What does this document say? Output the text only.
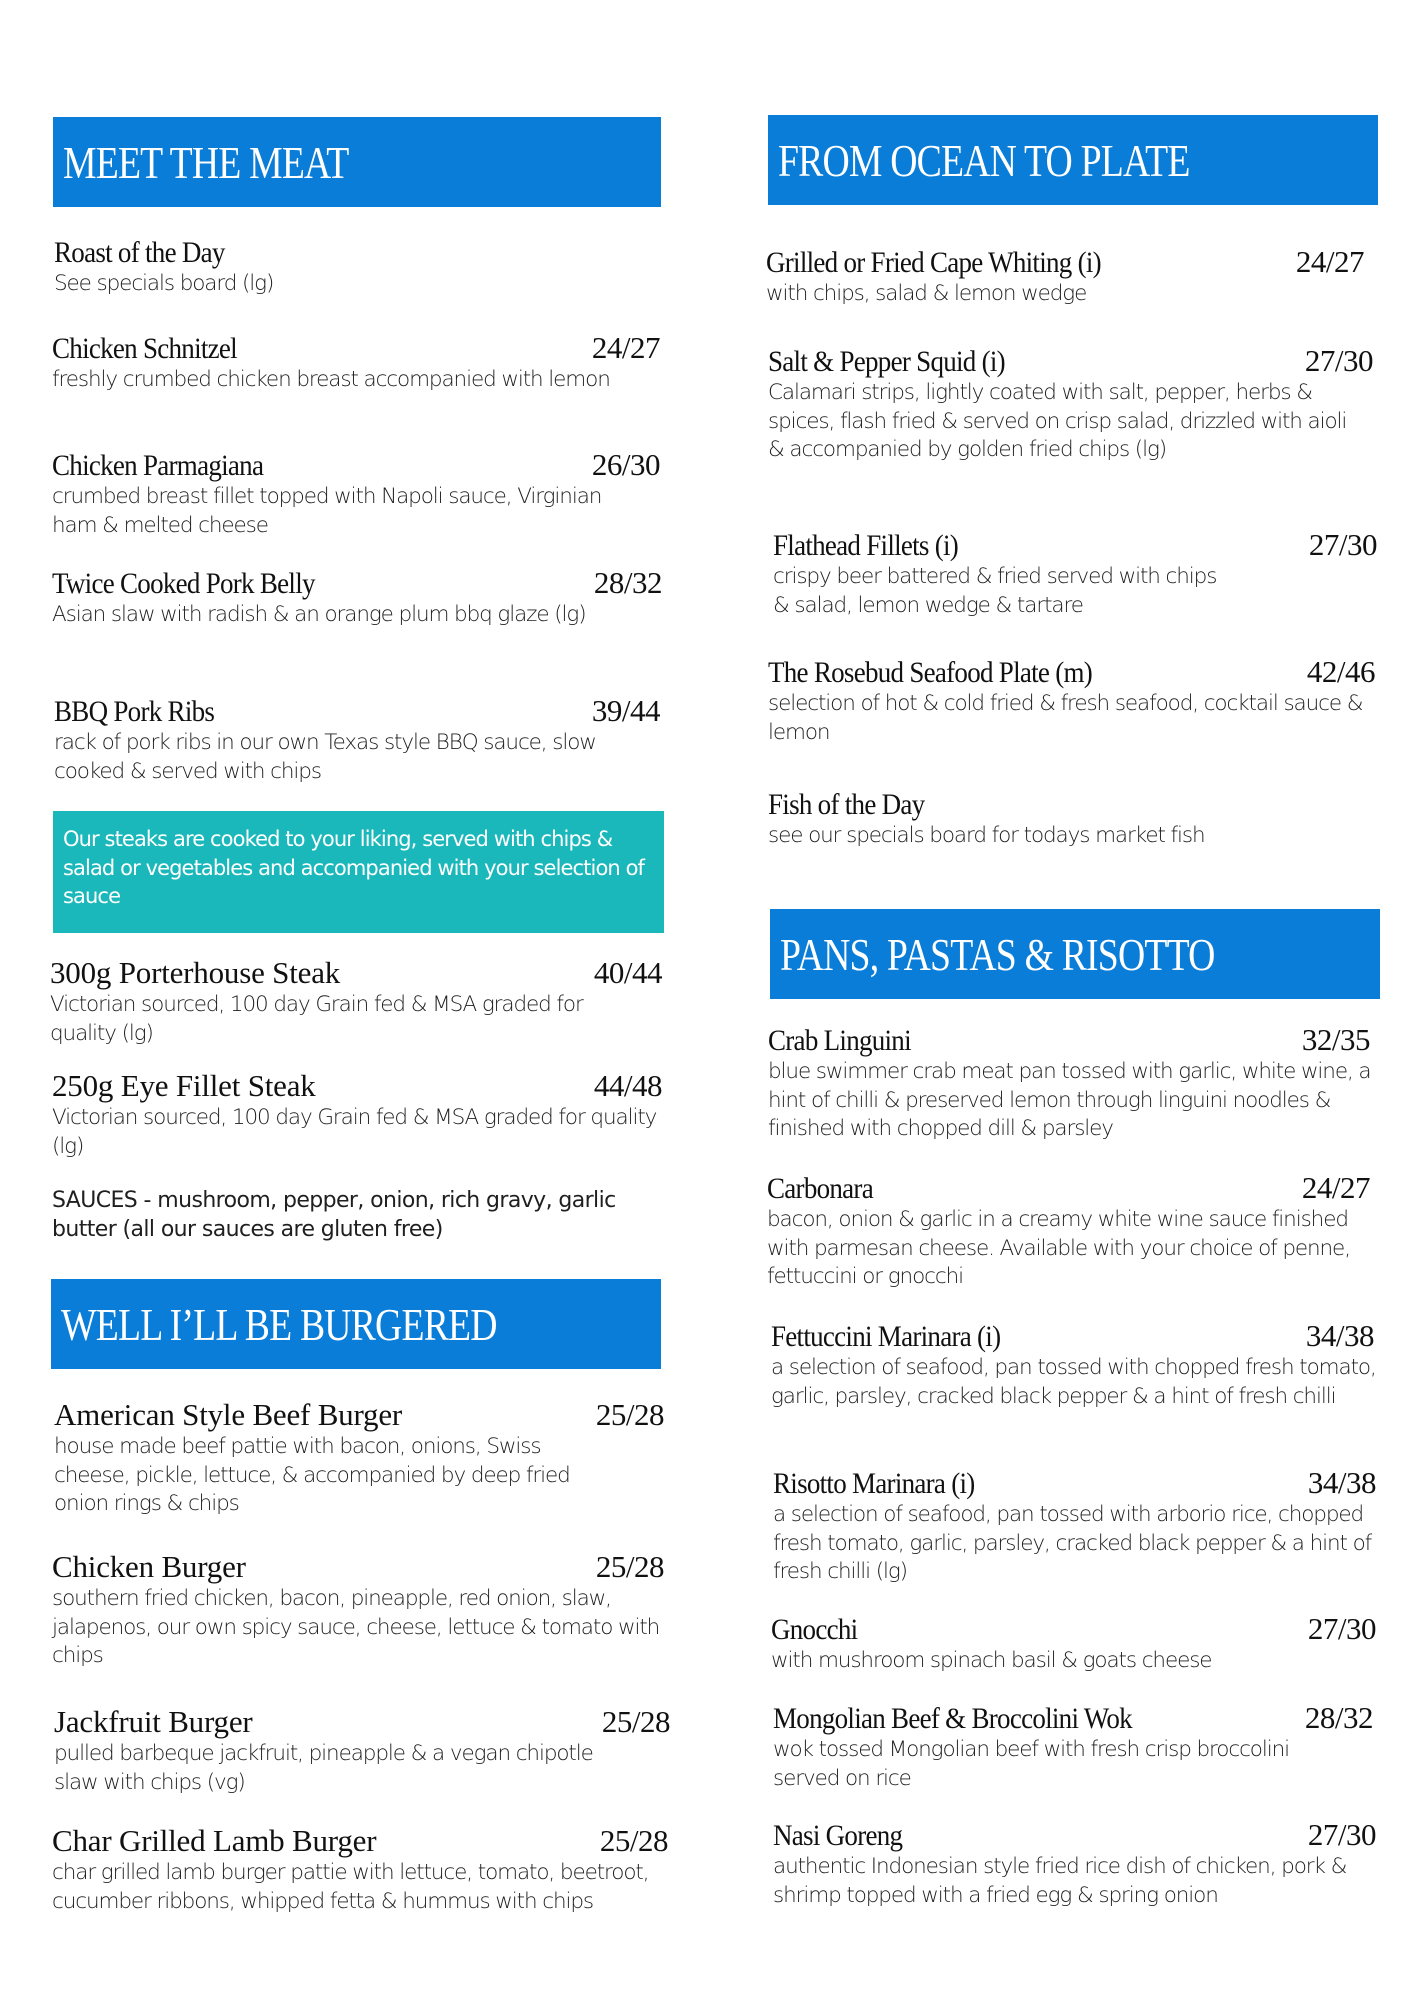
MEET THE MEAT
Roast of the Day
See specials board (lg)
Chicken Schnitzel	24/27
freshly crumbed chicken breast accompanied with lemon
Chicken Parmagiana	26/30
crumbed breast fillet topped with Napoli sauce, Virginian ham & melted cheese
Twice Cooked Pork Belly	28/32
Asian slaw with radish & an orange plum bbq glaze (lg)
BBQ Pork Ribs	39/44
rack of pork ribs in our own Texas style BBQ sauce, slow cooked & served with chips
Our steaks are cooked to your liking, served with chips & salad or vegetables and accompanied with your selection of sauce
300g Porterhouse Steak	40/44
Victorian sourced, 100 day Grain fed & MSA graded for quality (lg)
250g Eye Fillet Steak	44/48
Victorian sourced, 100 day Grain fed & MSA graded for quality (lg)
SAUCES - mushroom, pepper, onion, rich gravy, garlic butter (all our sauces are gluten free)
WELL I’LL BE BURGERED
American Style Beef Burger	25/28
house made beef pattie with bacon, onions, Swiss cheese, pickle, lettuce, & accompanied by deep fried onion rings & chips
Chicken Burger	25/28
southern fried chicken, bacon, pineapple, red onion, slaw, jalapenos, our own spicy sauce, cheese, lettuce & tomato with chips
Jackfruit Burger	25/28
pulled barbeque jackfruit, pineapple & a vegan chipotle slaw with chips (vg)
Char Grilled Lamb Burger	25/28
char grilled lamb burger pattie with lettuce, tomato, beetroot, cucumber ribbons, whipped fetta & hummus with chips
FROM OCEAN TO PLATE
Grilled or Fried Cape Whiting (i)	24/27
with chips, salad & lemon wedge
Salt & Pepper Squid (i)	27/30
Calamari strips, lightly coated with salt, pepper, herbs & spices, flash fried & served on crisp salad, drizzled with aioli & accompanied by golden fried chips (lg)
Flathead Fillets (i)	27/30
crispy beer battered & fried served with chips & salad, lemon wedge & tartare
The Rosebud Seafood Plate (m)	42/46
selection of hot & cold fried & fresh seafood, cocktail sauce & lemon
Fish of the Day
see our specials board for todays market fish
PANS, PASTAS & RISOTTO
Crab Linguini	32/35
blue swimmer crab meat pan tossed with garlic, white wine, a hint of chilli & preserved lemon through linguini noodles & finished with chopped dill & parsley
Carbonara	24/27
bacon, onion & garlic in a creamy white wine sauce finished with parmesan cheese. Available with your choice of penne, fettuccini or gnocchi
Fettuccini Marinara (i)	34/38
a selection of seafood, pan tossed with chopped fresh tomato, garlic, parsley, cracked black pepper & a hint of fresh chilli
Risotto Marinara (i)	34/38
a selection of seafood, pan tossed with arborio rice, chopped fresh tomato, garlic, parsley, cracked black pepper & a hint of fresh chilli (lg)
Gnocchi	27/30
with mushroom spinach basil & goats cheese
Mongolian Beef & Broccolini Wok	28/32
wok tossed Mongolian beef with fresh crisp broccolini served on rice
Nasi Goreng	27/30
authentic Indonesian style fried rice dish of chicken, pork & shrimp topped with a fried egg & spring onion
